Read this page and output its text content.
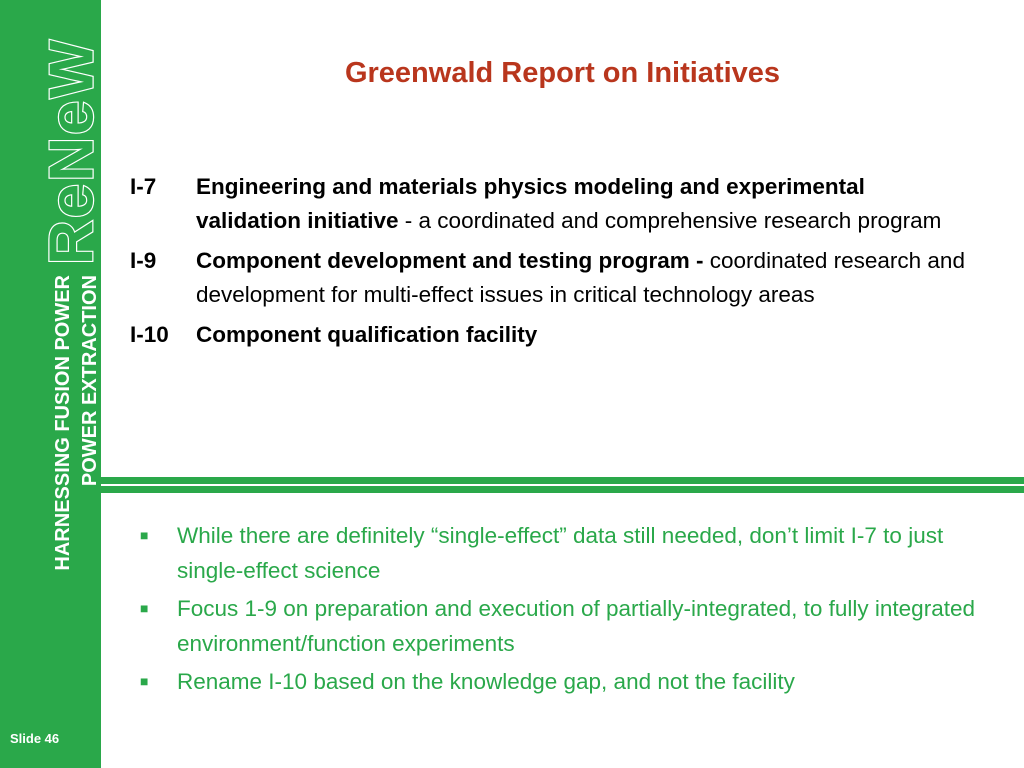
ReNeW
HARNESSING FUSION POWER POWER EXTRACTION
Slide 46
Greenwald Report on Initiatives
I-7	Engineering and materials physics modeling and experimental validation initiative - a coordinated and comprehensive research program
I-9	Component development and testing program - coordinated research and development for multi-effect issues in critical technology areas
I-10	Component qualification facility
■	While there are definitely “single-effect” data still needed, don’t limit I-7 to just single-effect science
■	Focus 1-9 on preparation and execution of partially-integrated, to fully integrated environment/function experiments
■	Rename I-10 based on the knowledge gap, and not the facility
